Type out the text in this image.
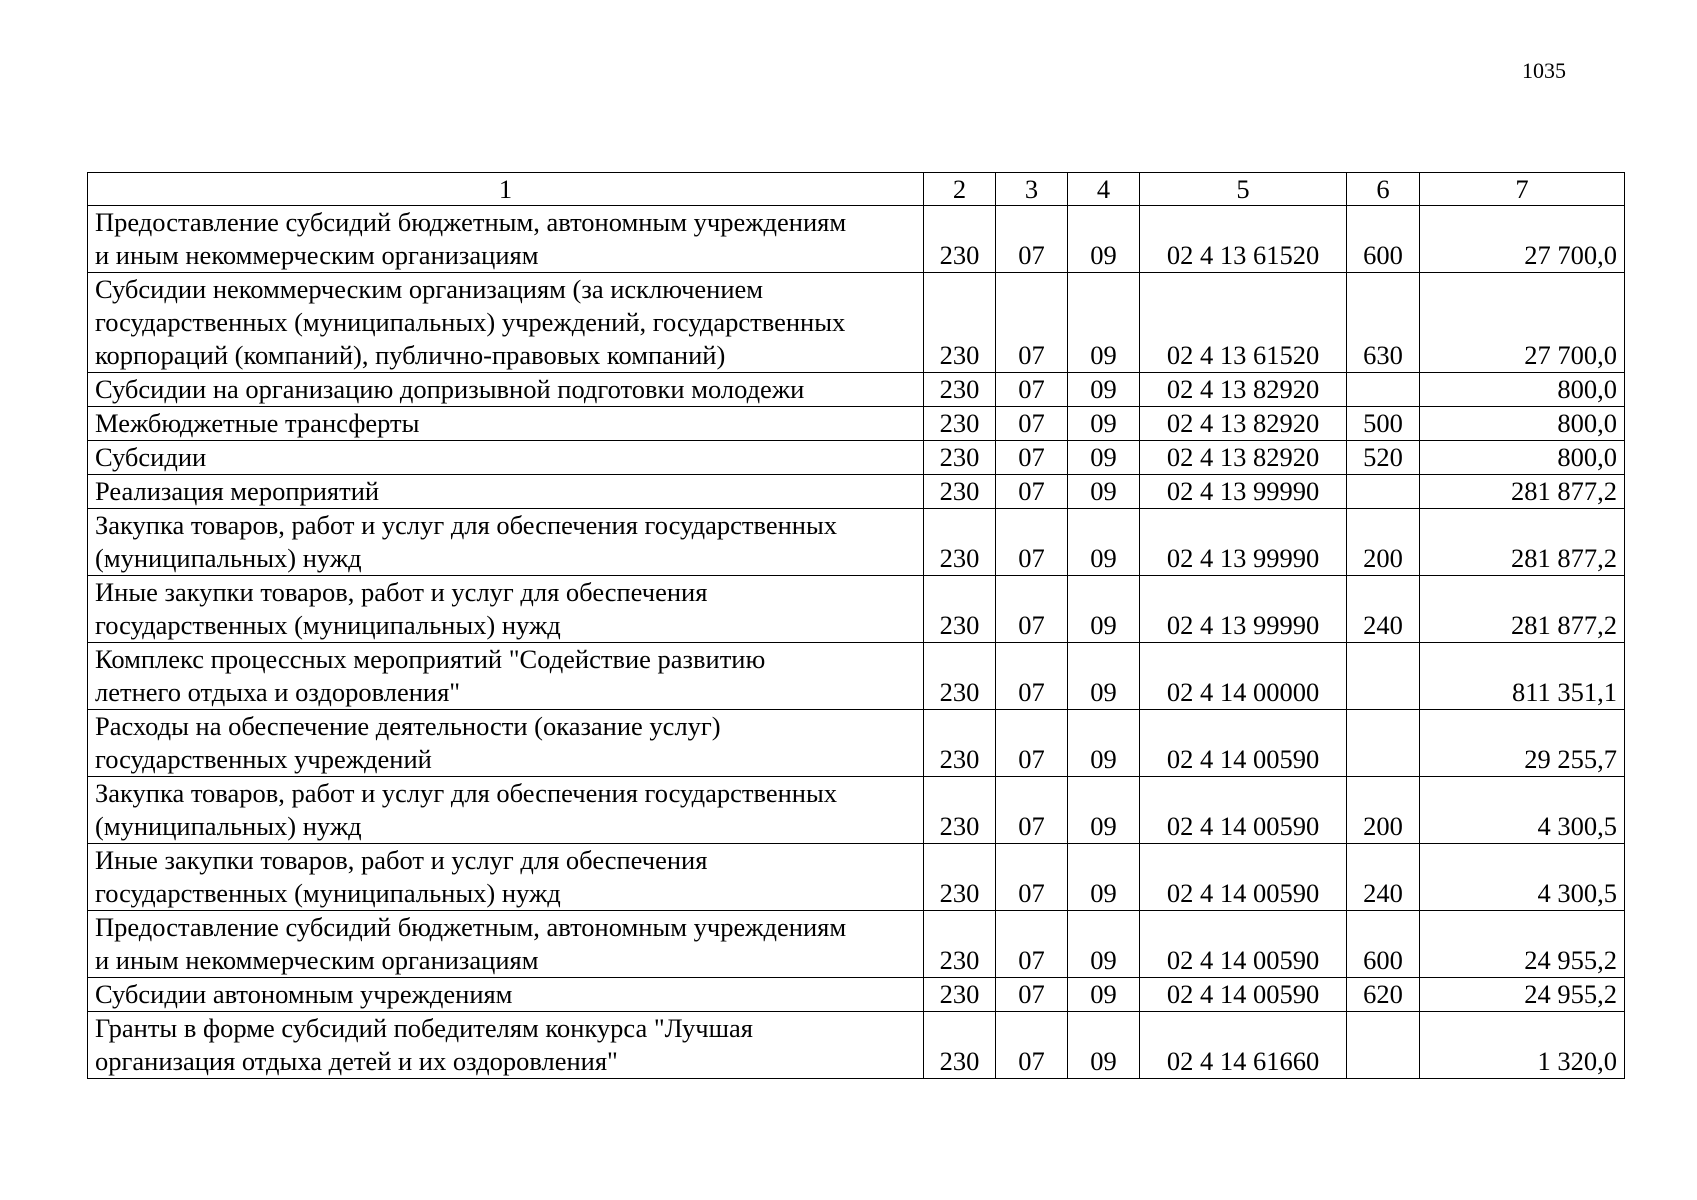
1035
1	2	3	4	5	6	7

Предоставление субсидий бюджетным, автономным учреждениям
и иным некоммерческим организациям	230	07	09	02 4 13 61520	600	27 700,0

Субсидии некоммерческим организациям (за исключением
государственных (муниципальных) учреждений, государственных
корпораций (компаний), публично-правовых компаний)	230	07	09	02 4 13 61520	630	27 700,0

Субсидии на организацию допризывной подготовки молодежи	230	07	09	02 4 13 82920		800,0

Межбюджетные трансферты	230	07	09	02 4 13 82920	500	800,0

Субсидии	230	07	09	02 4 13 82920	520	800,0

Реализация мероприятий	230	07	09	02 4 13 99990		281 877,2

Закупка товаров, работ и услуг для обеспечения государственных
(муниципальных) нужд	230	07	09	02 4 13 99990	200	281 877,2

Иные закупки товаров, работ и услуг для обеспечения
государственных (муниципальных) нужд	230	07	09	02 4 13 99990	240	281 877,2

Комплекс процессных мероприятий "Содействие развитию
летнего отдыха и оздоровления"	230	07	09	02 4 14 00000		811 351,1

Расходы на обеспечение деятельности (оказание услуг)
государственных учреждений	230	07	09	02 4 14 00590		29 255,7

Закупка товаров, работ и услуг для обеспечения государственных
(муниципальных) нужд	230	07	09	02 4 14 00590	200	4 300,5

Иные закупки товаров, работ и услуг для обеспечения
государственных (муниципальных) нужд	230	07	09	02 4 14 00590	240	4 300,5

Предоставление субсидий бюджетным, автономным учреждениям
и иным некоммерческим организациям	230	07	09	02 4 14 00590	600	24 955,2

Субсидии автономным учреждениям	230	07	09	02 4 14 00590	620	24 955,2

Гранты в форме субсидий победителям конкурса "Лучшая
организация отдыха детей и их оздоровления"	230	07	09	02 4 14 61660		1 320,0
